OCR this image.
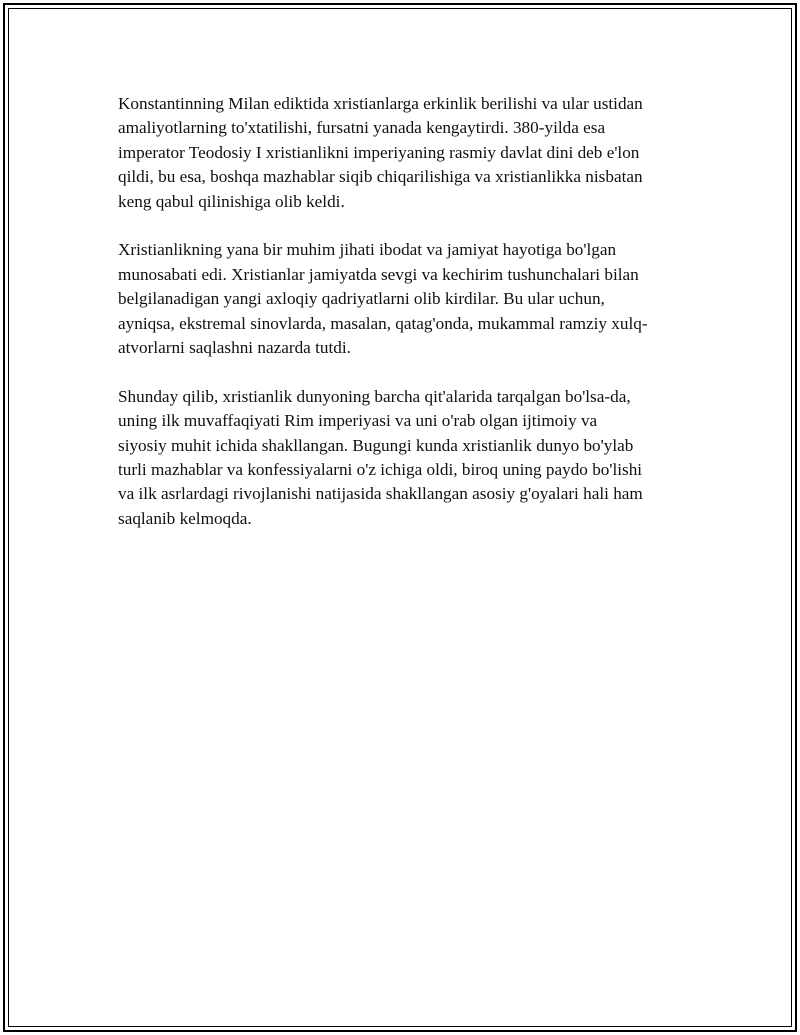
Konstantinning Milan ediktida xristianlarga erkinlik berilishi va ular ustidan
amaliyotlarning to'xtatilishi, fursatni yanada kengaytirdi. 380-yilda esa
imperator Teodosiy I xristianlikni imperiyaning rasmiy davlat dini deb e'lon
qildi, bu esa, boshqa mazhablar siqib chiqarilishiga va xristianlikka nisbatan
keng qabul qilinishiga olib keldi.

Xristianlikning yana bir muhim jihati ibodat va jamiyat hayotiga bo'lgan
munosabati edi. Xristianlar jamiyatda sevgi va kechirim tushunchalari bilan
belgilanadigan yangi axloqiy qadriyatlarni olib kirdilar. Bu ular uchun,
ayniqsa, ekstremal sinovlarda, masalan, qatag'onda, mukammal ramziy xulq-
atvorlarni saqlashni nazarda tutdi.

Shunday qilib, xristianlik dunyoning barcha qit'alarida tarqalgan bo'lsa-da,
uning ilk muvaffaqiyati Rim imperiyasi va uni o'rab olgan ijtimoiy va
siyosiy muhit ichida shakllangan. Bugungi kunda xristianlik dunyo bo'ylab
turli mazhablar va konfessiyalarni o'z ichiga oldi, biroq uning paydo bo'lishi
va ilk asrlardagi rivojlanishi natijasida shakllangan asosiy g'oyalari hali ham
saqlanib kelmoqda.
